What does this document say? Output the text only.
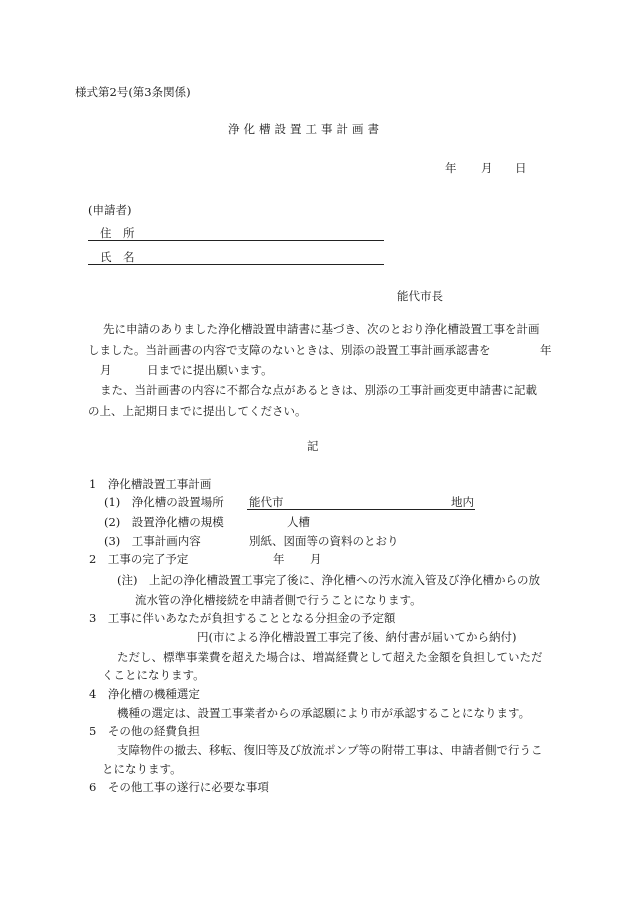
様式第2号(第3条関係)
浄化槽設置工事計画書
年 月 日
(申請者)
住　所
氏　名
能代市長
先に申請のありました浄化槽設置申請書に基づき、次のとおり浄化槽設置工事を計画
しました。当計画書の内容で支障のないときは、別添の設置工事計画承認書を	年
月	日までに提出願います。
また、当計画書の内容に不都合な点があるときは、別添の工事計画変更申請書に記載
の上、上記期日までに提出してください。
記
1　浄化槽設置工事計画
(1)　浄化槽の設置場所 能代市	地内
(2)　設置浄化槽の規模	人槽
(3)　工事計画内容	別紙、図面等の資料のとおり
2　工事の完了予定	年 月
(注)　上記の浄化槽設置工事完了後に、浄化槽への汚水流入管及び浄化槽からの放
流水管の浄化槽接続を申請者側で行うことになります。
3　工事に伴いあなたが負担することとなる分担金の予定額
円(市による浄化槽設置工事完了後、納付書が届いてから納付)
ただし、標準事業費を超えた場合は、増嵩経費として超えた金額を負担していただ
くことになります。
4　浄化槽の機種選定
機種の選定は、設置工事業者からの承認願により市が承認することになります。
5　その他の経費負担
支障物件の撤去、移転、復旧等及び放流ポンプ等の附帯工事は、申請者側で行うこ
とになります。
6　その他工事の遂行に必要な事項
